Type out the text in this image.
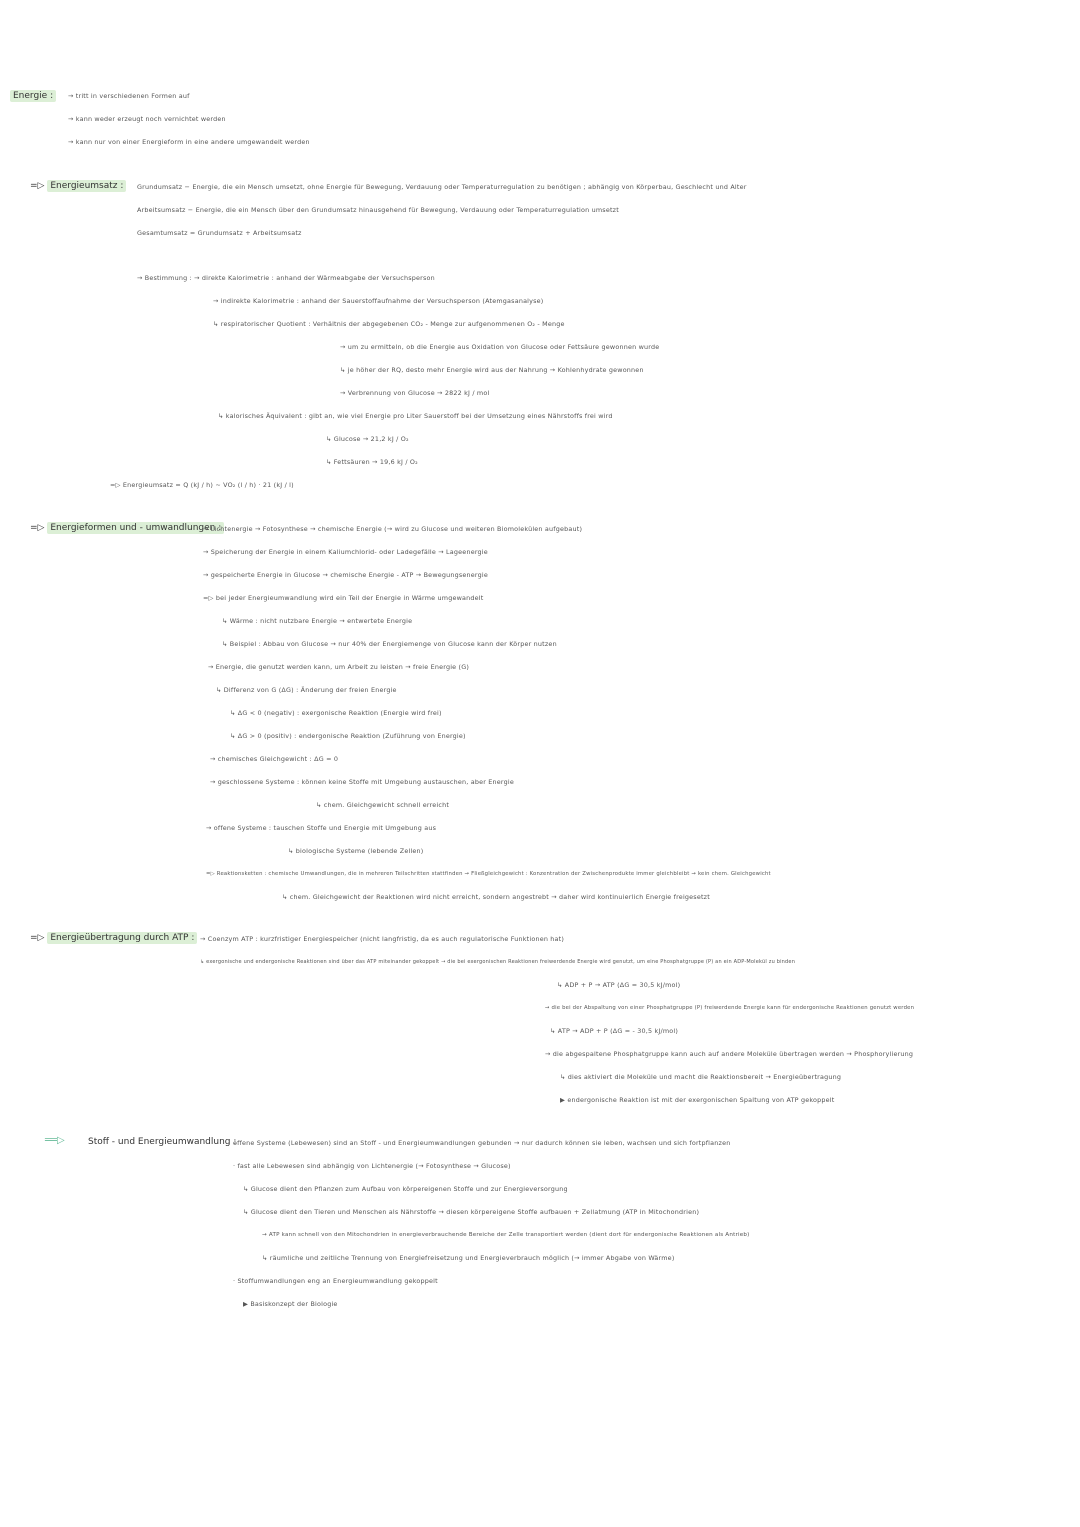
Energie :	→ tritt in verschiedenen Formen auf
→ kann weder erzeugt noch vernichtet werden
→ kann nur von einer Energieform in eine andere umgewandelt werden
=▷ Energieumsatz :	Grundumsatz − Energie, die ein Mensch umsetzt, ohne Energie für Bewegung, Verdauung oder Temperaturregulation zu benötigen ; abhängig von Körperbau, Geschlecht und Alter
Arbeitsumsatz − Energie, die ein Mensch über den Grundumsatz hinausgehend für Bewegung, Verdauung oder Temperaturregulation umsetzt
Gesamtumsatz = Grundumsatz + Arbeitsumsatz
→ Bestimmung : → direkte Kalorimetrie : anhand der Wärmeabgabe der Versuchsperson
→ indirekte Kalorimetrie : anhand der Sauerstoffaufnahme der Versuchsperson (Atemgasanalyse)
↳ respiratorischer Quotient : Verhältnis der abgegebenen CO₂ - Menge zur aufgenommenen O₂ - Menge
→ um zu ermitteln, ob die Energie aus Oxidation von Glucose oder Fettsäure gewonnen wurde
↳ je höher der RQ, desto mehr Energie wird aus der Nahrung → Kohlenhydrate gewonnen
→ Verbrennung von Glucose → 2822 kJ / mol
↳ kalorisches Äquivalent : gibt an, wie viel Energie pro Liter Sauerstoff bei der Umsetzung eines Nährstoffs frei wird
↳ Glucose → 21,2 kJ / O₂
↳ Fettsäuren → 19,6 kJ / O₂
=▷ Energieumsatz = Q (kJ / h) ~ VO₂ (l / h) · 21 (kJ / l)
=▷ Energieformen und - umwandlungen :
→ Lichtenergie → Fotosynthese → chemische Energie (→ wird zu Glucose und weiteren Biomolekülen aufgebaut)
→ Speicherung der Energie in einem Kaliumchlorid- oder Ladegefälle → Lageenergie
→ gespeicherte Energie in Glucose → chemische Energie - ATP → Bewegungsenergie
=▷ bei jeder Energieumwandlung wird ein Teil der Energie in Wärme umgewandelt
↳ Wärme : nicht nutzbare Energie → entwertete Energie
↳ Beispiel : Abbau von Glucose → nur 40% der Energiemenge von Glucose kann der Körper nutzen
→ Energie, die genutzt werden kann, um Arbeit zu leisten → freie Energie (G)
↳ Differenz von G (ΔG) : Änderung der freien Energie
↳ ΔG < 0 (negativ) : exergonische Reaktion (Energie wird frei)
↳ ΔG > 0 (positiv) : endergonische Reaktion (Zuführung von Energie)
→ chemisches Gleichgewicht : ΔG = 0
→ geschlossene Systeme : können keine Stoffe mit Umgebung austauschen, aber Energie
↳ chem. Gleichgewicht schnell erreicht
→ offene Systeme : tauschen Stoffe und Energie mit Umgebung aus
↳ biologische Systeme (lebende Zellen)
=▷ Reaktionsketten : chemische Umwandlungen, die in mehreren Teilschritten stattfinden → Fließgleichgewicht : Konzentration der Zwischenprodukte immer gleichbleibt → kein chem. Gleichgewicht
↳ chem. Gleichgewicht der Reaktionen wird nicht erreicht, sondern angestrebt → daher wird kontinuierlich Energie freigesetzt
=▷ Energieübertragung durch ATP : → Coenzym ATP : kurzfristiger Energiespeicher (nicht langfristig, da es auch regulatorische Funktionen hat)
↳ exergonische und endergonische Reaktionen sind über das ATP miteinander gekoppelt → die bei exergonischen Reaktionen freiwerdende Energie wird genutzt, um eine Phosphatgruppe (P) an ein ADP-Molekül zu binden
↳ ADP + P → ATP (ΔG = 30,5 kJ/mol)
→ die bei der Abspaltung von einer Phosphatgruppe (P) freiwerdende Energie kann für endergonische Reaktionen genutzt werden
↳ ATP → ADP + P (ΔG = - 30,5 kJ/mol)
→ die abgespaltene Phosphatgruppe kann auch auf andere Moleküle übertragen werden → Phosphorylierung
↳ dies aktiviert die Moleküle und macht die Reaktionsbereit → Energieübertragung
▶ endergonische Reaktion ist mit der exergonischen Spaltung von ATP gekoppelt
══▷	Stoff - und Energieumwandlung :
offene Systeme (Lebewesen) sind an Stoff - und Energieumwandlungen gebunden → nur dadurch können sie leben, wachsen und sich fortpflanzen
· fast alle Lebewesen sind abhängig von Lichtenergie (→ Fotosynthese → Glucose)
↳ Glucose dient den Pflanzen zum Aufbau von körpereigenen Stoffe und zur Energieversorgung
↳ Glucose dient den Tieren und Menschen als Nährstoffe → diesen körpereigene Stoffe aufbauen + Zellatmung (ATP in Mitochondrien)
→ ATP kann schnell von den Mitochondrien in energieverbrauchende Bereiche der Zelle transportiert werden (dient dort für endergonische Reaktionen als Antrieb)
↳ räumliche und zeitliche Trennung von Energiefreisetzung und Energieverbrauch möglich (→ immer Abgabe von Wärme)
· Stoffumwandlungen eng an Energieumwandlung gekoppelt
▶ Basiskonzept der Biologie
